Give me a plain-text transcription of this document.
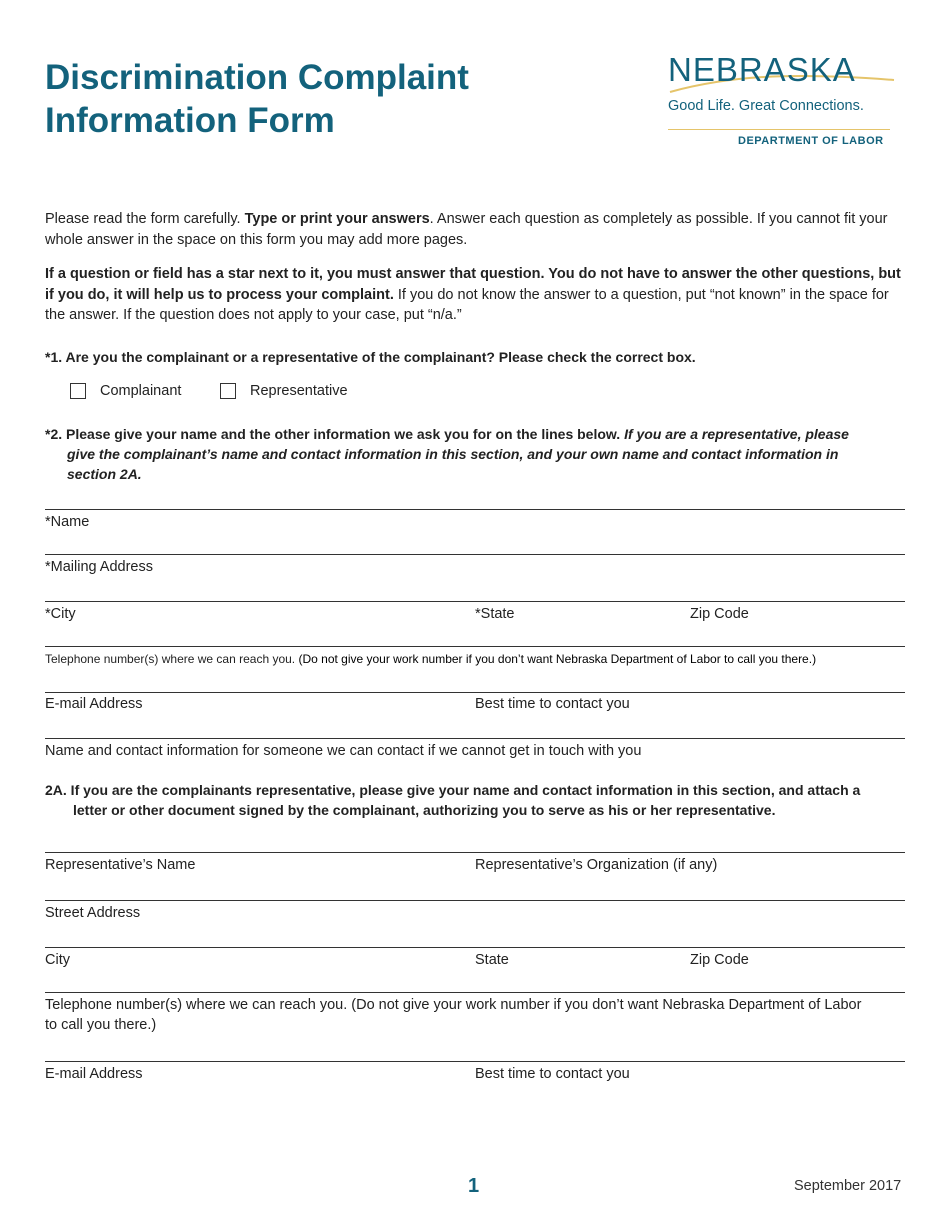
Discrimination Complaint
Information Form
NEBRASKA
Good Life. Great Connections.
DEPARTMENT OF LABOR

Please read the form carefully. Type or print your answers. Answer each question as completely as possible. If you cannot fit your whole answer in the space on this form you may add more pages.

If a question or field has a star next to it, you must answer that question. You do not have to answer the other questions, but if you do, it will help us to process your complaint. If you do not know the answer to a question, put “not known” in the space for the answer. If the question does not apply to your case, put “n/a.”

*1. Are you the complainant or a representative of the complainant? Please check the correct box.

Complainant	Representative

*2. Please give your name and the other information we ask you for on the lines below. If you are a representative, please
give the complainant’s name and contact information in this section, and your own name and contact information in
section 2A.

*Name
*Mailing Address
*City	*State	Zip Code
Telephone number(s) where we can reach you. (Do not give your work number if you don’t want Nebraska Department of Labor to call you there.)
E-mail Address	Best time to contact you
Name and contact information for someone we can contact if we cannot get in touch with you

2A. If you are the complainants representative, please give your name and contact information in this section, and attach a
letter or other document signed by the complainant, authorizing you to serve as his or her representative.

Representative’s Name	Representative’s Organization (if any)
Street Address
City	State	Zip Code
Telephone number(s) where we can reach you. (Do not give your work number if you don’t want Nebraska Department of Labor to call you there.)
E-mail Address	Best time to contact you
1	September 2017
